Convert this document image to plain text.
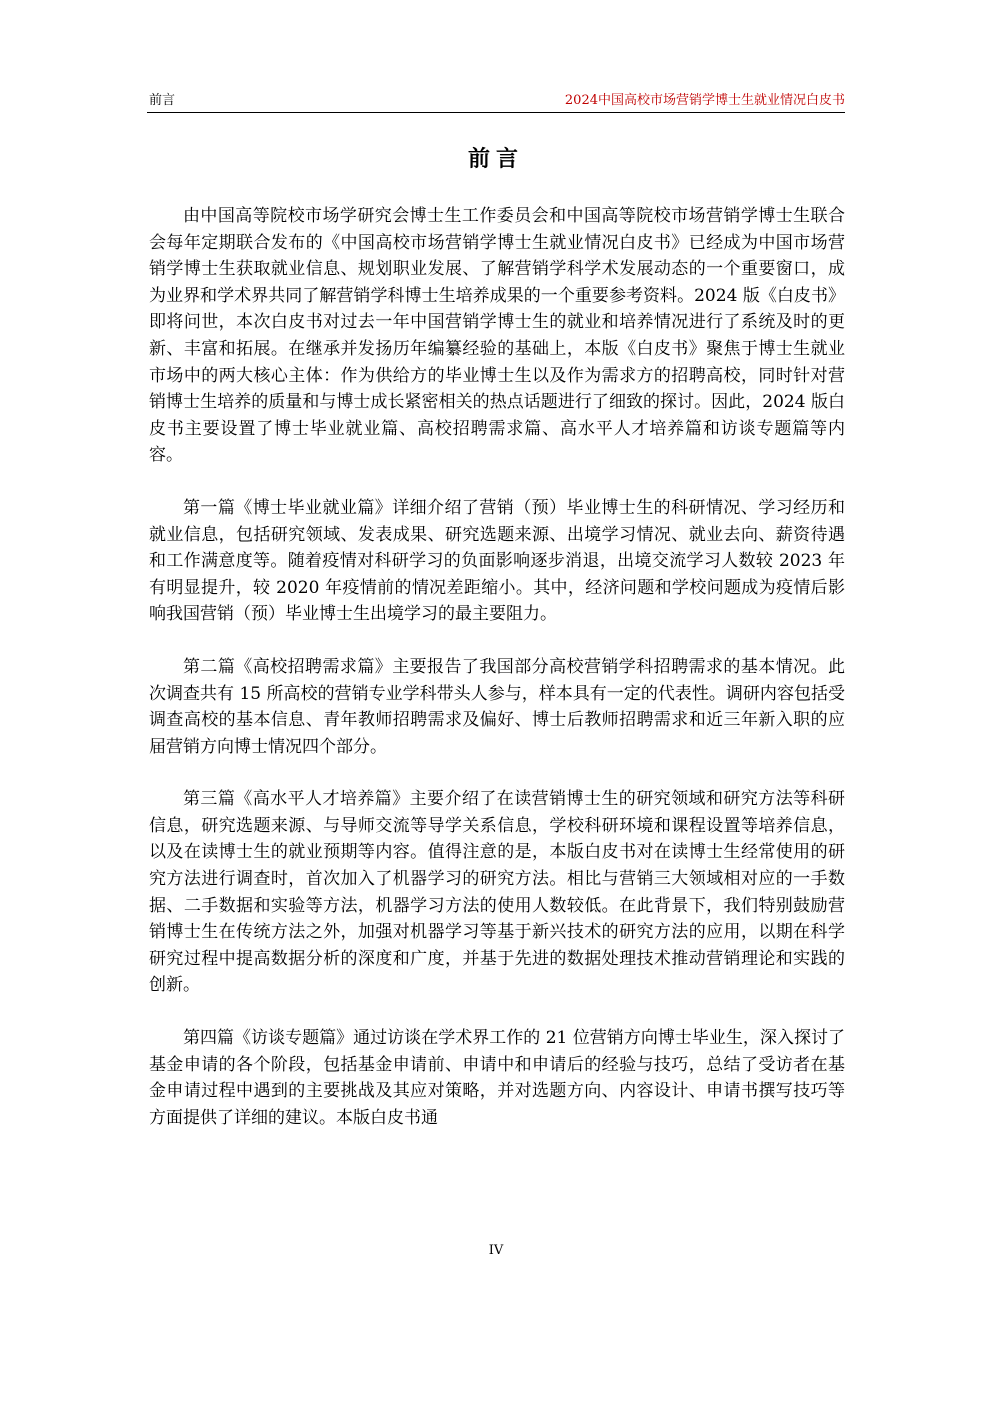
前言	2024中国高校市场营销学博士生就业情况白皮书
前言

由中国高等院校市场学研究会博士生工作委员会和中国高等院校市场营销学博士生联合会每年定期联合发布的《中国高校市场营销学博士生就业情况白皮书》已经成为中国市场营销学博士生获取就业信息、规划职业发展、了解营销学科学术发展动态的一个重要窗口，成为业界和学术界共同了解营销学科博士生培养成果的一个重要参考资料。2024 版《白皮书》即将问世，本次白皮书对过去一年中国营销学博士生的就业和培养情况进行了系统及时的更新、丰富和拓展。在继承并发扬历年编纂经验的基础上，本版《白皮书》聚焦于博士生就业市场中的两大核心主体：作为供给方的毕业博士生以及作为需求方的招聘高校，同时针对营销博士生培养的质量和与博士成长紧密相关的热点话题进行了细致的探讨。因此，2024 版白皮书主要设置了博士毕业就业篇、高校招聘需求篇、高水平人才培养篇和访谈专题篇等内容。

第一篇《博士毕业就业篇》详细介绍了营销（预）毕业博士生的科研情况、学习经历和就业信息，包括研究领域、发表成果、研究选题来源、出境学习情况、就业去向、薪资待遇和工作满意度等。随着疫情对科研学习的负面影响逐步消退，出境交流学习人数较 2023 年有明显提升，较 2020 年疫情前的情况差距缩小。其中，经济问题和学校问题成为疫情后影响我国营销（预）毕业博士生出境学习的最主要阻力。

第二篇《高校招聘需求篇》主要报告了我国部分高校营销学科招聘需求的基本情况。此次调查共有 15 所高校的营销专业学科带头人参与，样本具有一定的代表性。调研内容包括受调查高校的基本信息、青年教师招聘需求及偏好、博士后教师招聘需求和近三年新入职的应届营销方向博士情况四个部分。

第三篇《高水平人才培养篇》主要介绍了在读营销博士生的研究领域和研究方法等科研信息，研究选题来源、与导师交流等导学关系信息，学校科研环境和课程设置等培养信息，以及在读博士生的就业预期等内容。值得注意的是，本版白皮书对在读博士生经常使用的研究方法进行调查时，首次加入了机器学习的研究方法。相比与营销三大领域相对应的一手数据、二手数据和实验等方法，机器学习方法的使用人数较低。在此背景下，我们特别鼓励营销博士生在传统方法之外，加强对机器学习等基于新兴技术的研究方法的应用，以期在科学研究过程中提高数据分析的深度和广度，并基于先进的数据处理技术推动营销理论和实践的创新。

第四篇《访谈专题篇》通过访谈在学术界工作的 21 位营销方向博士毕业生，深入探讨了基金申请的各个阶段，包括基金申请前、申请中和申请后的经验与技巧，总结了受访者在基金申请过程中遇到的主要挑战及其应对策略，并对选题方向、内容设计、申请书撰写技巧等方面提供了详细的建议。本版白皮书通

IV
